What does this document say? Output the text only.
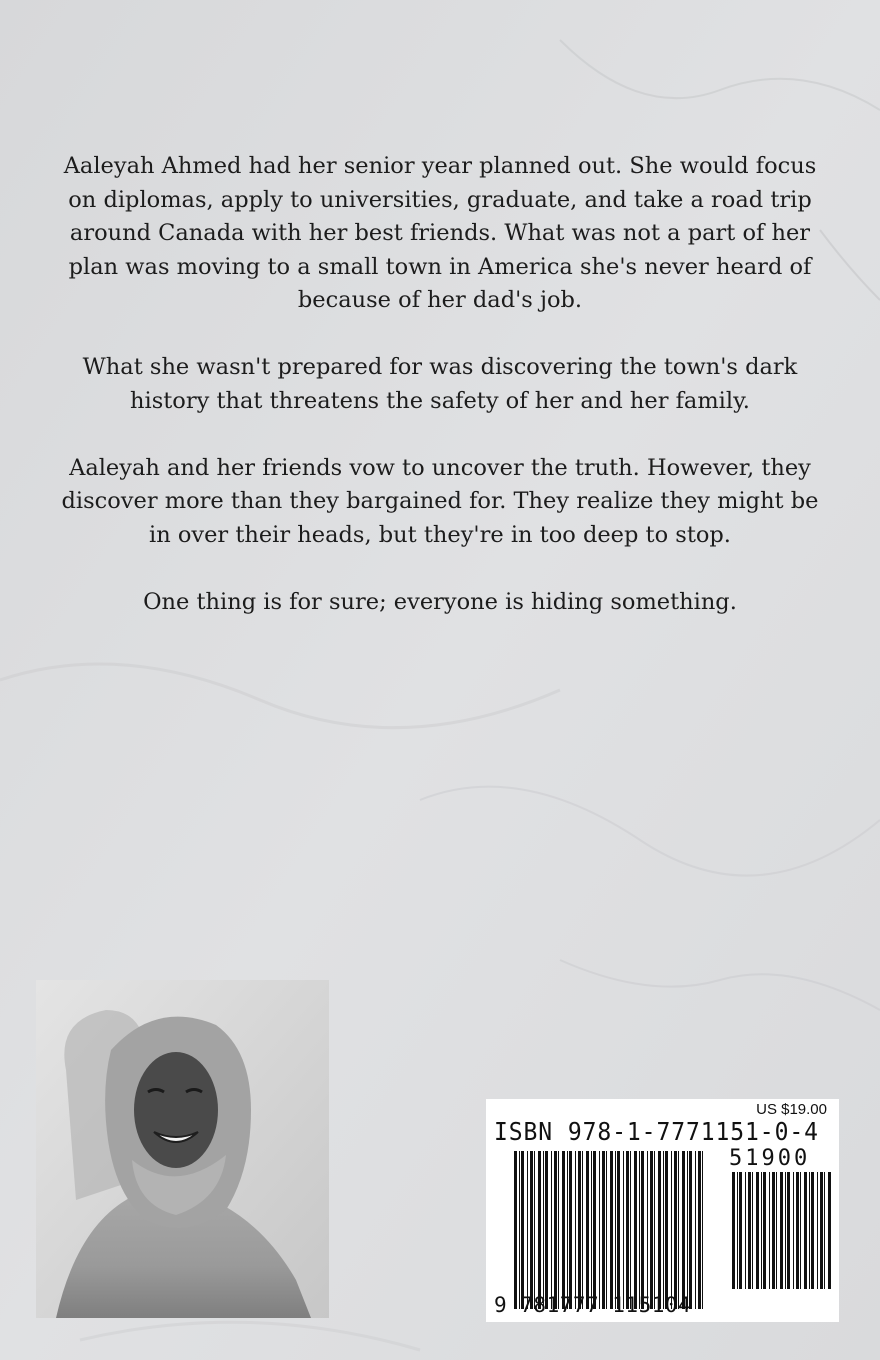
Aaleyah Ahmed had her senior year planned out. She would focus on diplomas, apply to universities, graduate, and take a road trip around Canada with her best friends. What was not a part of her plan was moving to a small town in America she's never heard of because of her dad's job.

What she wasn't prepared for was discovering the town's dark history that threatens the safety of her and her family.

Aaleyah and her friends vow to uncover the truth. However, they discover more than they bargained for. They realize they might be in over their heads, but they're in too deep to stop.

One thing is for sure; everyone is hiding something.

US $19.00
ISBN 978-1-7771151-0-4
51900
9 781777 115104
